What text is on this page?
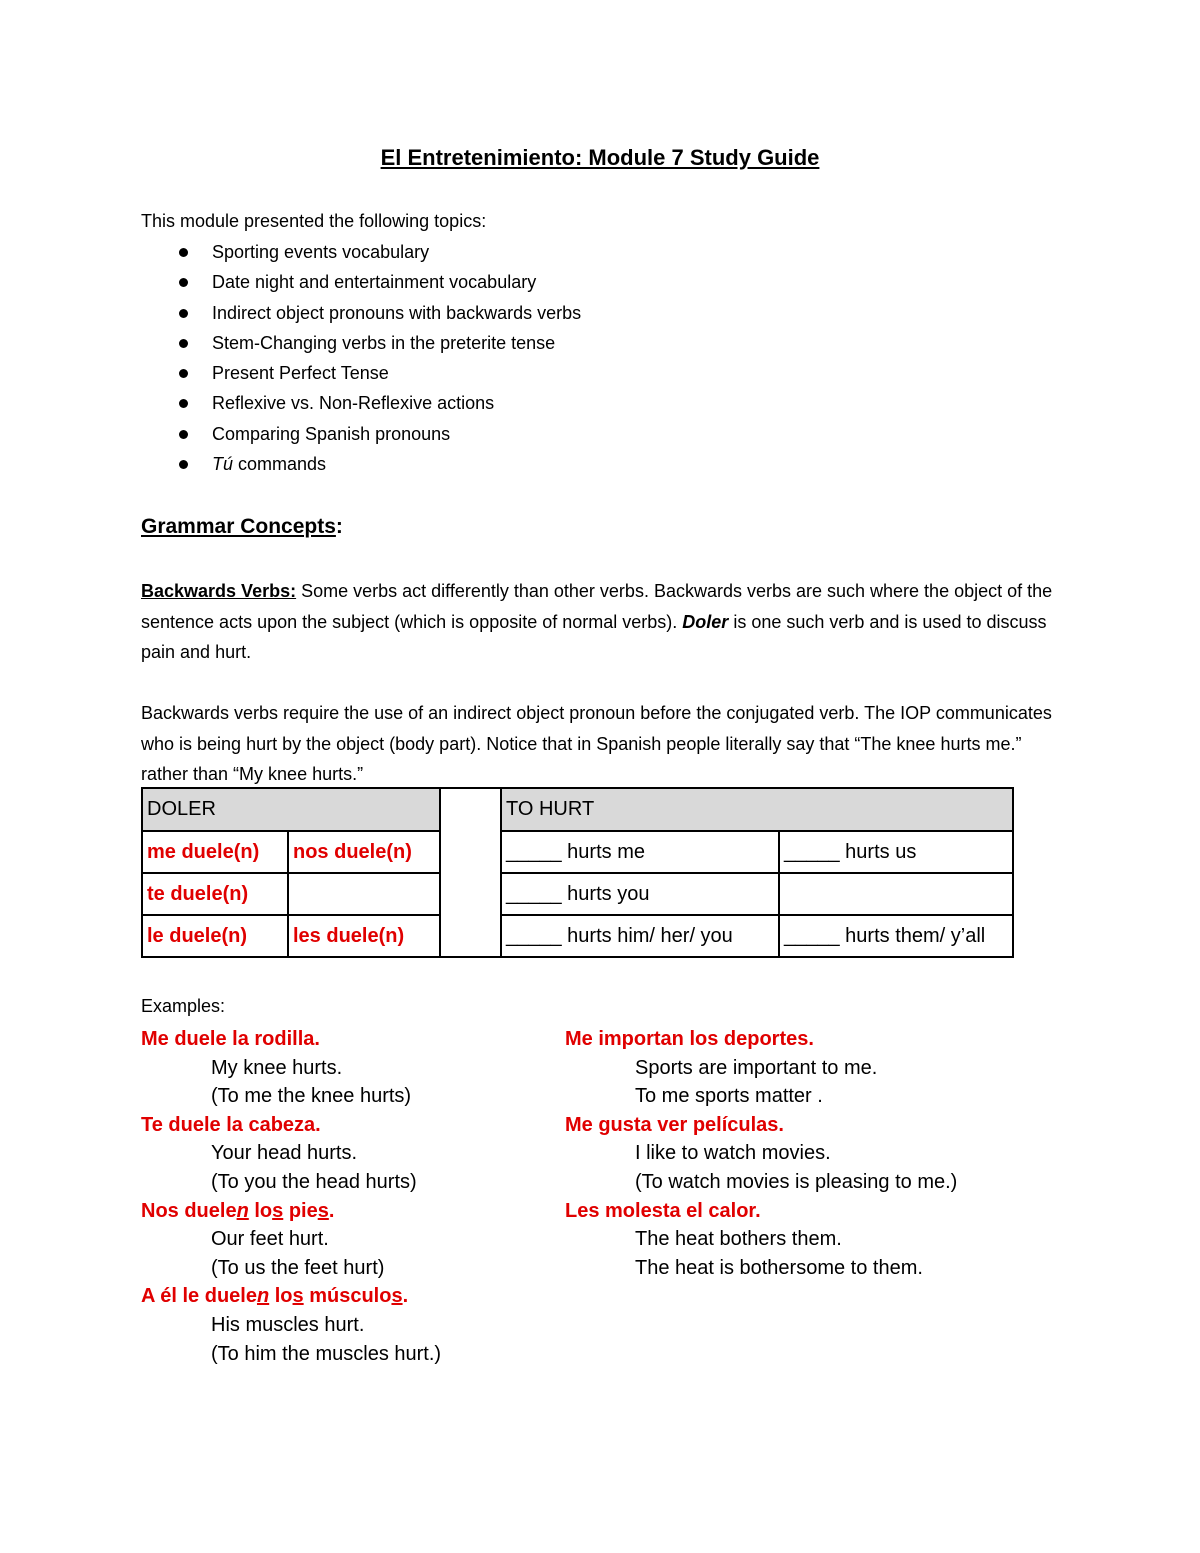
El Entretenimiento: Module 7 Study Guide
This module presented the following topics:
Sporting events vocabulary
Date night and entertainment vocabulary
Indirect object pronouns with backwards verbs
Stem-Changing verbs in the preterite tense
Present Perfect Tense
Reflexive vs. Non-Reflexive actions
Comparing Spanish pronouns
Tú commands
Grammar Concepts:
Backwards Verbs: Some verbs act differently than other verbs. Backwards verbs are such where the object of the sentence acts upon the subject (which is opposite of normal verbs). Doler is one such verb and is used to discuss pain and hurt.
Backwards verbs require the use of an indirect object pronoun before the conjugated verb. The IOP communicates who is being hurt by the object (body part). Notice that in Spanish people literally say that “The knee hurts me.” rather than “My knee hurts.”
DOLER			TO HURT	
me duele(n)	nos duele(n)		_____ hurts me	_____ hurts us
te duele(n)			_____ hurts you	
le duele(n)	les duele(n)		_____ hurts him/ her/ you	_____ hurts them/ y’all
Examples:
Me duele la rodilla.
My knee hurts.
(To me the knee hurts)
Te duele la cabeza.
Your head hurts.
(To you the head hurts)
Nos duelen los pies.
Our feet hurt.
(To us the feet hurt)
A él le duelen los músculos.
His muscles hurt.
(To him the muscles hurt.)
Me importan los deportes.
Sports are important to me.
To me sports matter .
Me gusta ver películas.
I like to watch movies.
(To watch movies is pleasing to me.)
Les molesta el calor.
The heat bothers them.
The heat is bothersome to them.
